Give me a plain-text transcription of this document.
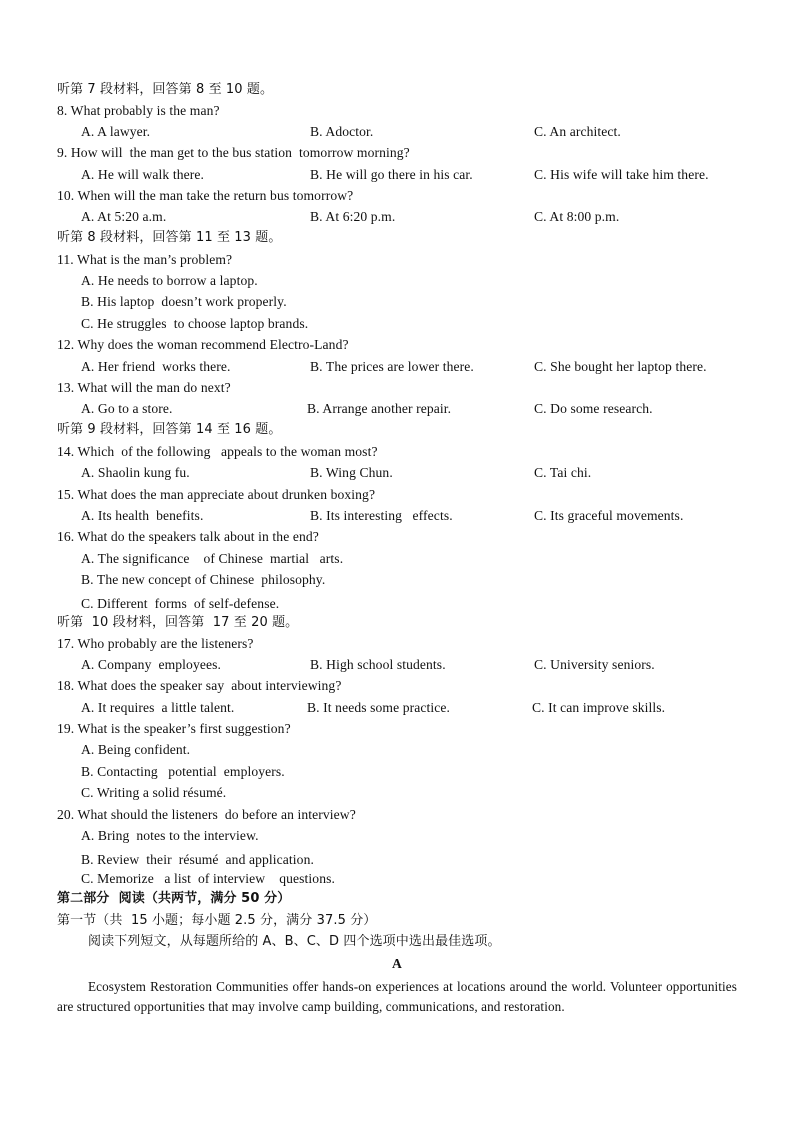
听第 7 段材料，回答第 8 至 10 题。
8. What probably is the man?
A. A lawyer.	B. Adoctor.	C. An architect.
9. How will  the man get to the bus station  tomorrow morning?
A. He will walk there.	B. He will go there in his car.	C. His wife will take him there.
10. When will the man take the return bus tomorrow?
A. At 5:20 a.m.	B. At 6:20 p.m.	C. At 8:00 p.m.
听第 8 段材料，回答第 11 至 13 题。
11. What is the man’s problem?
A. He needs to borrow a laptop.
B. His laptop  doesn’t work properly.
C. He struggles  to choose laptop brands.
12. Why does the woman recommend Electro-Land?
A. Her friend  works there.	B. The prices are lower there.	C. She bought her laptop there.
13. What will the man do next?
A. Go to a store.	B. Arrange another repair.	C. Do some research.
听第 9 段材料，回答第 14 至 16 题。
14. Which  of the following   appeals to the woman most?
A. Shaolin kung fu.	B. Wing Chun.	C. Tai chi.
15. What does the man appreciate about drunken boxing?
A. Its health  benefits.	B. Its interesting   effects.	C. Its graceful movements.
16. What do the speakers talk about in the end?
A. The significance    of Chinese  martial   arts.
B. The new concept of Chinese  philosophy.
C. Different  forms  of self-defense.
听第  10 段材料，回答第  17 至 20 题。
17. Who probably are the listeners?
A. Company  employees.	B. High school students.	C. University seniors.
18. What does the speaker say  about interviewing?
A. It requires  a little talent.	B. It needs some practice.	C. It can improve skills.
19. What is the speaker’s first suggestion?
A. Being confident.
B. Contacting   potential  employers.
C. Writing a solid résumé.
20. What should the listeners  do before an interview?
A. Bring  notes to the interview.
B. Review  their  résumé  and application.
C. Memorize   a list  of interview    questions.
第二部分  阅读（共两节，满分 50 分）
第一节（共  15 小题；每小题 2.5 分，满分 37.5 分）
阅读下列短文，从每题所给的 A、B、C、D 四个选项中选出最佳选项。
A
Ecosystem Restoration Communities offer hands-on experiences at locations around the world. Volunteer opportunities are structured opportunities that may involve camp building, communications, and restoration.
